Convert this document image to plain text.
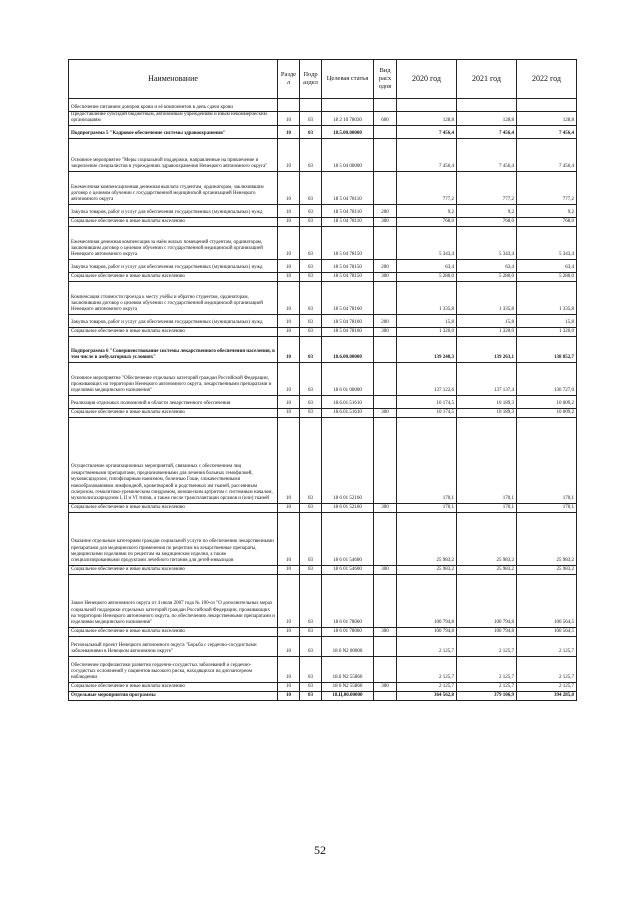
Наименование	Разде л	Подр аздел	Целевая статья	Вид расх одов	2020 год	2021 год	2022 год
Обеспечение питанием доноров крови и её компонентов в день сдачи крови							
Предоставление субсидий бюджетным, автономным учреждениям и иным некоммерческим организациям	10	03	18 2 10 78030	600	128,8	128,8	128,8
Подпрограмма 5 "Кадровое обеспечение системы здравоохранения"	10	03	18.5.00.00000		7 456,4	7 456,4	7 456,4
Основное мероприятие "Меры социальной поддержки, направленные на привлечение и закрепление специалистов в учреждениях здравоохранения Ненецкого автономного округа"	10	03	18 5 04 00000		7 456,4	7 456,4	7 456,4
Ежемесячная компенсационная денежная выплата студентам, ординаторам, заключившим договор о целевом обучении с государственной медицинской организацией Ненецкого автономного округа	10	03	18 5 04 78110		777,2	777,2	777,2
Закупка товаров, работ и услуг для обеспечения государственных (муниципальных) нужд	10	03	18 5 04 78110	200	9,2	9,2	9,2
Социальное обеспечение и иные выплаты населению	10	03	18 5 04 78110	300	768,0	768,0	768,0
Ежемесячная денежная компенсация за наём жилых помещений студентам, ординаторам, заключившим договор о целевом обучении с государственной медицинской организацией Ненецкого автономного округа	10	03	18 5 04 78150		5 343,4	5 343,4	5 343,4
Закупка товаров, работ и услуг для обеспечения государственных (муниципальных) нужд	10	03	18 5 04 78150	200	63,4	63,4	63,4
Социальное обеспечение и иные выплаты населению	10	03	18 5 04 78150	300	5 280,0	5 280,0	5 280,0
Компенсация стоимости проезда к месту учёбы и обратно студентам, ординаторам, заключившим договор о целевом обучении с государственной медицинской организацией Ненецкого автономного округа	10	03	18 5 04 78160		1 335,8	1 335,8	1 335,8
Закупка товаров, работ и услуг для обеспечения государственных (муниципальных) нужд	10	03	18 5 04 78160	200	15,8	15,8	15,8
Социальное обеспечение и иные выплаты населению	10	03	18 5 04 78160	300	1 320,0	1 320,0	1 320,0
Подпрограмма 6 "Совершенствование системы лекарственного обеспечения населения, в том числе в амбулаторных условиях"	10	03	18.6.00.00000		139 248,3	139 263,1	138 852,7
Основное мероприятие "Обеспечение отдельных категорий граждан Российской Федерации, проживающих на территории Ненецкого автономного округа, лекарственными препаратами и изделиями медицинского назначения"	10	03	18 6 01 00000		137 122,6	137 137,4	136 727,0
Реализация отдельных полномочий в области лекарственного обеспечения	10	03	18.6.01.51610		10 174,5	10 189,3	10 009,2
Социальное обеспечение и иные выплаты населению	10	03	18.6.01.51610	300	10 174,5	10 189,3	10 009,2
Осуществление организационных мероприятий, связанных с обеспечением лиц лекарственными препаратами, предназначенными для лечения больных гемофилией, муковисцидозом, гипофизарным нанизмом, болезнью Гоше, злокачественными новообразованиями лимфоидной, кроветворной и родственных им тканей, рассеянным склерозом, гемолитико-уремическим синдромом, юношеским артритом с системным началом, мукополисахаридозом I, II и VI типов, а также после трансплантации органов и (или) тканей	10	03	18 6 01 52160		170,1	170,1	170,1
Социальное обеспечение и иные выплаты населению	10	03	18 6 01 52160	300	170,1	170,1	170,1
Оказание отдельным категориям граждан социальной услуги по обеспечению лекарственными препаратами для медицинского применения по рецептам на лекарственные препараты, медицинскими изделиями по рецептам на медицинские изделия, а также специализированными продуктами лечебного питания для детей-инвалидов	10	03	18 6 01 54600		25 983,2	25 983,2	25 983,2
Социальное обеспечение и иные выплаты населению	10	03	18 6 01 54600	300	25 983,2	25 983,2	25 983,2
Закон Ненецкого автономного округа от 4 июля 2007 года № 100-оз "О дополнительных мерах социальной поддержки отдельных категорий граждан Российской Федерации, проживающих на территории Ненецкого автономного округа, по обеспечению лекарственными препаратами и изделиями медицинского назначения"	10	03	18 6 01 78060		100 794,8	100 794,8	100 564,5
Социальное обеспечение и иные выплаты населению	10	03	18 6 01 78060	300	100 794,8	100 794,8	100 564,5
Региональный проект Ненецкого автономного округа "Борьба с сердечно-сосудистыми заболеваниями в Ненецком автономном округе"	10	03	18 6 N2 00000		2 125,7	2 125,7	2 125,7
Обеспечение профилактики развития сердечно-сосудистых заболеваний и сердечно-сосудистых осложнений у пациентов высокого риска, находящихся на диспансерном наблюдении	10	03	18.6 N2 55860		2 125,7	2 125,7	2 125,7
Социальное обеспечение и иные выплаты населению	10	03	18 6 N2 55860	300	2 125,7	2 125,7	2 125,7
Отдельные мероприятия программы	10	03	18.Ц.00.00000		364 562,8	379 106,9	394 285,0
52
